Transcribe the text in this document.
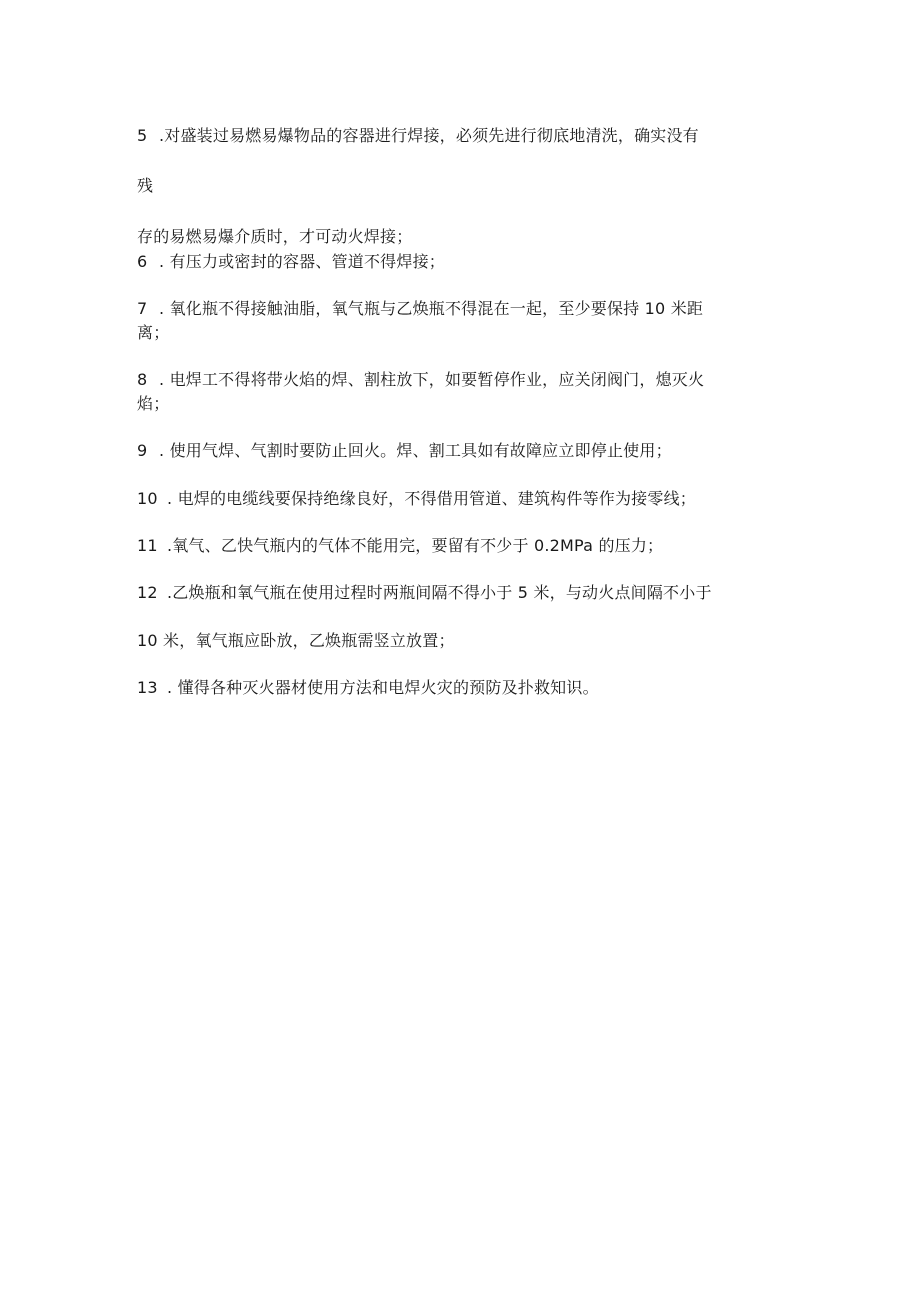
5 .对盛装过易燃易爆物品的容器进行焊接，必须先进行彻底地清洗，确实没有
残
存的易燃易爆介质时，才可动火焊接；
6 . 有压力或密封的容器、管道不得焊接；
7 . 氧化瓶不得接触油脂，氧气瓶与乙焕瓶不得混在一起，至少要保持 10 米距
离；
8 . 电焊工不得将带火焰的焊、割柱放下，如要暂停作业，应关闭阀门，熄灭火
焰；
9 . 使用气焊、气割时要防止回火。焊、割工具如有故障应立即停止使用；
10 . 电焊的电缆线要保持绝缘良好，不得借用管道、建筑构件等作为接零线；
11 .氧气、乙快气瓶内的气体不能用完，要留有不少于 0.2MPa 的压力；
12 .乙焕瓶和氧气瓶在使用过程时两瓶间隔不得小于 5 米，与动火点间隔不小于
10 米，氧气瓶应卧放，乙焕瓶需竖立放置；
13 . 懂得各种灭火器材使用方法和电焊火灾的预防及扑救知识。
